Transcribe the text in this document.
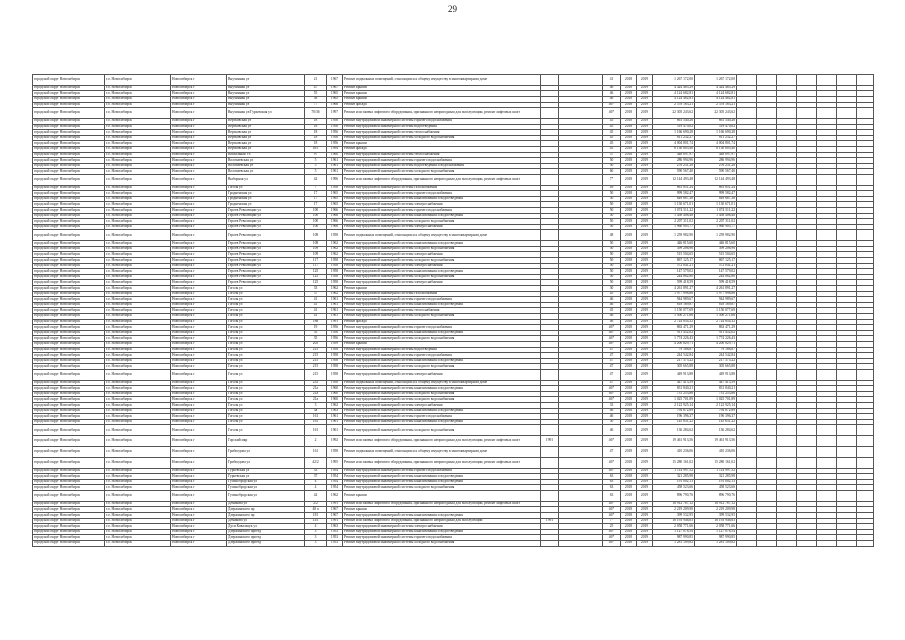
29
городской округ Новосибирск	г.о. Новосибирск	Новосибирск г	Внучинная ул	21	1967	Ремонт подвальных помещений, относящихся к общему имуществу в многоквартирном доме			41	2018	2019	1 267 172,00	1 267 172,00							
городской округ Новосибирск	г.о. Новосибирск	Новосибирск г	Внучинная ул	47	1967	Ремонт крыши			46	2018	2019	4 424 465,29	4 424 465,29							
городской округ Новосибирск	г.о. Новосибирск	Новосибирск г	Внучинная ул	55	1965	Ремонт крыши			46	2018	2019	4 124 682,81	4 124 682,81							
городской округ Новосибирск	г.о. Новосибирск	Новосибирск г	Внучинная ул	58	1965	Ремонт крыши			46	2018	2019	4 124 482,81	4 124 482,81							
городской округ Новосибирск	г.о. Новосибирск	Новосибирск г	Внучинная ул	77	1966	Ремонт фасада			46*	2018	2019	2 378 183,21	2 378 183,21							
городской округ Новосибирск	г.о. Новосибирск	Новосибирск г	Внучинная ул/Гурьевская ул	70/36	1997	Ремонт или замена лифтового оборудования, признанного непригодным для эксплуатации, ремонт лифтовых шахт			46*	2018	2019	22 305 243,62	22 305 243,62							
городской округ Новосибирск	г.о. Новосибирск	Новосибирск г	Вертковская ул	18	1956	Ремонт внутридомовой инженерной системы горячего водоснабжения			45	2018	2019	661 540,26	661 540,26							
городской округ Новосибирск	г.о. Новосибирск	Новосибирск г	Вертковская ул	18	1956	Ремонт внутридомовой инженерной системы водоотведения			45	2018	2019	519 470,02	519 470,02							
городской округ Новосибирск	г.о. Новосибирск	Новосибирск г	Вертковская ул	18	1956	Ремонт внутридомовой инженерной системы теплоснабжения			45	2018	2019	1 166 690,28	1 166 690,28							
городской округ Новосибирск	г.о. Новосибирск	Новосибирск г	Вертковская ул	18	1956	Ремонт внутридомовой инженерной системы холодного водоснабжения			45	2018	2019	811 232,27	811 232,27							
городской округ Новосибирск	г.о. Новосибирск	Новосибирск г	Вертковская ул	18	1956	Ремонт крыши			45	2018	2019	4 004 801,74	4 004 801,74							
городской округ Новосибирск	г.о. Новосибирск	Новосибирск г	Вертковская ул	18/1	1994	Ремонт фасада			45	2018	2019	8 130 605,40	8 130 605,40							
городской округ Новосибирск	г.о. Новосибирск	Новосибирск г	Вокзальная Ул	97	1960	Ремонт внутридомовой инженерной системы теплоснабжения			57	2018	2019	448 097,97	448 097,97							
городской округ Новосибирск	г.о. Новосибирск	Новосибирск г	Волочаевская ул	5	1961	Ремонт внутридомовой инженерной системы горячего водоснабжения			50	2018	2019	286 994,96	286 994,96							
городской округ Новосибирск	г.о. Новосибирск	Новосибирск г	Волочаевская ул	5	1961	Ремонт внутридомовой инженерной системы водоотведения и водоснабжения			50	2018	2019	276 231,28	276 231,28							
городской округ Новосибирск	г.о. Новосибирск	Новосибирск г	Волочаевская ул	5	1961	Ремонт внутридомовой инженерной системы холодного водоснабжения			60	2018	2019	590 567,40	590 567,40							
городской округ Новосибирск	г.о. Новосибирск	Новосибирск г	Выборная ул	42	1996	Ремонт или замена лифтового оборудования, признанного непригодным для эксплуатации, ремонт лифтовых шахт			7*	2018	2019	12 144 493,48	12 144 493,48							
городской округ Новосибирск	г.о. Новосибирск	Новосибирск г	Гоголя ул	7	1956	Ремонт внутридомовой инженерной системы газоснабжения			49	2018	2019	861 851,24	861 851,24							
городской округ Новосибирск	г.о. Новосибирск	Новосибирск г	Гродненская ул	17	1965	Ремонт внутридомовой инженерной системы горячего водоснабжения			50	2018	2019	999 582,47	999 582,47							
городской округ Новосибирск	г.о. Новосибирск	Новосибирск г	Гродненская ул	17	1965	Ремонт внутридомовой инженерной системы канализования и водоотведения			50	2018	2019	849 687,38	849 687,38							
городской округ Новосибирск	г.о. Новосибирск	Новосибирск г	Гродненская ул	17	1965	Ремонт внутридомовой инженерной системы электроснабжения			50	2018	2019	1 130 671,01	1 130 671,01							
городской округ Новосибирск	г.о. Новосибирск	Новосибирск г	Героев Революции ул	100	1966	Ремонт внутридомовой инженерной системы горячего водоснабжения			50	2018	2019	1 074 511,22	1 074 511,22							
городской округ Новосибирск	г.о. Новосибирск	Новосибирск г	Героев Революции ул	100	1966	Ремонт внутридомовой инженерной системы канализования и водоотведения			50	2018	2019	1 458 406,48	1 458 406,48							
городской округ Новосибирск	г.о. Новосибирск	Новосибирск г	Героев Революции ул	100	1966	Ремонт внутридомовой инженерной системы холодного водоснабжения			50	2018	2019	2 207 311,02	2 207 311,02							
городской округ Новосибирск	г.о. Новосибирск	Новосибирск г	Героев Революции ул	100	1966	Ремонт внутридомовой инженерной системы электроснабжения			50	2018	2019	1 960 905,77	1 960 905,77							
городской округ Новосибирск	г.о. Новосибирск	Новосибирск г	Героев Революции ул	108	1958	Ремонт подвальных помещений, относящихся к общему имуществу в многоквартирном доме			48	2018	2019	1 259 982,90	1 259 982,90							
городской округ Новосибирск	г.о. Новосибирск	Новосибирск г	Героев Революции ул	108	1962	Ремонт внутридомовой инженерной системы канализования и водоотведения			50	2018	2019	446 815,60	446 815,60							
городской округ Новосибирск	г.о. Новосибирск	Новосибирск г	Героев Революции ул	109	1962	Ремонт внутридомовой инженерной системы холодного водоснабжения			50	2018	2019	399 206,96	399 206,96							
городской округ Новосибирск	г.о. Новосибирск	Новосибирск г	Героев Революции ул	109	1962	Ремонт внутридомовой инженерной системы электроснабжения			50	2018	2019	515 504,65	515 504,65							
городской округ Новосибирск	г.о. Новосибирск	Новосибирск г	Героев Революции ул	117	1958	Ремонт внутридомовой инженерной системы холодного водоснабжения			50	2018	2019	867 125,17	867 125,17							
городской округ Новосибирск	г.о. Новосибирск	Новосибирск г	Героев Революции ул	117	1958	Ремонт внутридомовой инженерной системы электроснабжения			50	2018	2019	572 041,21	572 041,21							
городской округ Новосибирск	г.о. Новосибирск	Новосибирск г	Героев Революции ул	125	1958	Ремонт внутридомовой инженерной системы канализования и водоотведения			50	2018	2019	147 579,02	147 579,02							
городской округ Новосибирск	г.о. Новосибирск	Новосибирск г	Героев Революции ул	125	1958	Ремонт внутридомовой инженерной системы холодного водоснабжения			50	2018	2019	244 882,80	244 882,80							
городской округ Новосибирск	г.о. Новосибирск	Новосибирск г	Героев Революции ул	125	1958	Ремонт внутридомовой инженерной системы электроснабжения			50	2018	2019	599 418,59	599 418,59							
городской округ Новосибирск	г.о. Новосибирск	Новосибирск г	Гоголя ул	33	1962	Ремонт крыши			30	2018	2019	4 261 891,27	4 261 891,27							
городской округ Новосибирск	г.о. Новосибирск	Новосибирск г	Гоголя ул	37	1962	Ремонт внутридомовой инженерной системы газоснабжения			45	2018	2019	1 977 998,86	1 977 998,86							
городской округ Новосибирск	г.о. Новосибирск	Новосибирск г	Гоголя ул	41	1961	Ремонт внутридомовой инженерной системы горячего водоснабжения			46	2018	2019	944 989,67	944 989,67							
городской округ Новосибирск	г.о. Новосибирск	Новосибирск г	Гоголя ул	41	1961	Ремонт внутридомовой инженерной системы канализования и водоотведения			46	2018	2019	818 169,87	818 169,87							
городской округ Новосибирск	г.о. Новосибирск	Новосибирск г	Гоголя ул	41	1961	Ремонт внутридомовой инженерной системы теплоснабжения			45	2018	2019	1 150 077,69	1 150 077,69							
городской округ Новосибирск	г.о. Новосибирск	Новосибирск г	Гоголя ул	41	1961	Ремонт внутридомовой инженерной системы холодного водоснабжения			46	2018	2019	1 500 271,66	1 500 271,66							
городской округ Новосибирск	г.о. Новосибирск	Новосибирск г	Гоголя ул	188	1991	Ремонт фасада			46	2018	2019	2 724 854,32	2 724 854,32							
городской округ Новосибирск	г.о. Новосибирск	Новосибирск г	Гоголя ул	19	1956	Ремонт внутридомовой инженерной системы горячего водоснабжения			46*	2018	2019	863 471,29	863 471,29							
городской округ Новосибирск	г.о. Новосибирск	Новосибирск г	Гоголя ул	35	1956	Ремонт внутридомовой инженерной системы канализования и водоотведения			46*	2018	2019	911 452,02	911 452,02							
городской округ Новосибирск	г.о. Новосибирск	Новосибирск г	Гоголя ул	35	1956	Ремонт внутридомовой инженерной системы холодного водоснабжения			46*	2018	2019	1 774 226,43	1 774 226,43							
городской округ Новосибирск	г.о. Новосибирск	Новосибирск г	Гоголя ул	205	1959	Ремонт крыши			46*	2018	2019	4 200 829,71	4 200 829,71							
городской округ Новосибирск	г.о. Новосибирск	Новосибирск г	Гоголя ул	215	1958	Ремонт внутридомовой инженерной системы водоотведения			47	2018	2019	79 186,87	79 186,87							
городской округ Новосибирск	г.о. Новосибирск	Новосибирск г	Гоголя ул	215	1958	Ремонт внутридомовой инженерной системы горячего водоснабжения			47	2018	2019	244 542,84	244 542,84							
городской округ Новосибирск	г.о. Новосибирск	Новосибирск г	Гоголя ул	215	1958	Ремонт внутридомовой инженерной системы канализования и водоотведения			47	2018	2019	217 375,22	217 375,22							
городской округ Новосибирск	г.о. Новосибирск	Новосибирск г	Гоголя ул	215	1958	Ремонт внутридомовой инженерной системы холодного водоснабжения			47	2018	2019	305 665,88	305 665,88							
городской округ Новосибирск	г.о. Новосибирск	Новосибирск г	Гоголя ул	215	1958	Ремонт внутридомовой инженерной системы электроснабжения			47	2018	2019	449 913,88	449 913,88							
городской округ Новосибирск	г.о. Новосибирск	Новосибирск г	Гоголя ул	235	1958	Ремонт подвальных помещений, относящихся к общему имуществу в многоквартирном доме			47	2018	2019	447 413,59	447 413,59							
городской округ Новосибирск	г.о. Новосибирск	Новосибирск г	Гоголя ул	21а	1960	Ремонт внутридомовой инженерной системы канализования и водоотведения			46*	2018	2019	831 840,21	831 840,21							
городской округ Новосибирск	г.о. Новосибирск	Новосибирск г	Гоголя ул	21а	1960	Ремонт внутридомовой инженерной системы холодного водоснабжения			46*	2018	2019	731 253,86	731 253,86							
городской округ Новосибирск	г.о. Новосибирск	Новосибирск г	Гоголя ул	21а	1960	Ремонт внутридомовой инженерной системы холодного водоснабжения			46*	2018	2019	1 025 701,89	1 025 701,89							
городской округ Новосибирск	г.о. Новосибирск	Новосибирск г	Гоголя ул	3	1962	Ремонт внутридомовой инженерной системы электроснабжения			33	2018	2019	2 122 925,14	2 122 925,14							
городской округ Новосибирск	г.о. Новосибирск	Новосибирск г	Гоголя ул	3а	1963	Ремонт внутридомовой инженерной системы канализования и водоотведения			46	2018	2019	794 672,89	794 672,89							
городской округ Новосибирск	г.о. Новосибирск	Новосибирск г	Гоголя ул	161	1961	Ремонт внутридомовой инженерной системы горячего водоснабжения			46	2018	2019	196 396,37	196 396,37							
городской округ Новосибирск	г.о. Новосибирск	Новосибирск г	Гоголя ул	161	1961	Ремонт внутридомовой инженерной системы канализования и водоотведения			50	2018	2019	145 631,22	145 631,22							
городской округ Новосибирск	г.о. Новосибирск	Новосибирск г	Гоголя ул	161	1961	Ремонт внутридомовой инженерной системы холодного водоснабжения			46	2018	2019	136 284,62	136 284,62							
городской округ Новосибирск	г.о. Новосибирск	Новосибирск г	Горский мкр	2	1992	Ремонт или замена лифтового оборудования, признанного непригодным для эксплуатации, ремонт лифтовых шахт	1991		46*	2018	2019	19 461 913,56	19 461 913,56							
городской округ Новосибирск	г.о. Новосибирск	Новосибирск г	Грибоедова ул	161	1958	Ремонт подвальных помещений, относящихся к общему имуществу в многоквартирном доме			47	2018	2019	410 236,06	410 236,06							
городской округ Новосибирск	г.о. Новосибирск	Новосибирск г	Грибоедова ул	42/2	1995	Ремонт или замена лифтового оборудования, признанного непригодным для эксплуатации, ремонт лифтовых шахт			46*	2018	2019	15 280 161,02	15 280 161,02							
городской округ Новосибирск	г.о. Новосибирск	Новосибирск г	Гурьевская ул	33	1954	Ремонт внутридомовой инженерной системы горячего водоснабжения			46*	2018	2019	1 114 997,52	1 114 997,52							
городской округ Новосибирск	г.о. Новосибирск	Новосибирск г	Гурьевская ул	37	1954	Ремонт внутридомовой инженерной системы канализования и водоотведения			63	2018	2019	321 285,98	321 285,98							
городской округ Новосибирск	г.о. Новосибирск	Новосибирск г	Гусинобродская ул	4	1954	Ремонт внутридомовой инженерной системы канализования и водоотведения			63	2018	2019	191 002,13	191 002,13							
городской округ Новосибирск	г.о. Новосибирск	Новосибирск г	Гусинобродская ул	4	1954	Ремонт внутридомовой инженерной системы холодного водоснабжения			63	2018	2019	458 523,66	458 523,66							
городской округ Новосибирск	г.о. Новосибирск	Новосибирск г	Гусинобродская ул	42	1962	Ремонт крыши			63	2018	2019	896 790,76	896 790,76							
городской округ Новосибирск	г.о. Новосибирск	Новосибирск г	Демакова ул	2/2	1991	Ремонт или замена лифтового оборудования, признанного непригодным для эксплуатации, ремонт лифтовых шахт			46*	2018	2019	18 912 787,12	18 912 787,12							
городской округ Новосибирск	г.о. Новосибирск	Новосибирск г	Дзержинского пр	48 а	1967	Ремонт крыши			46*	2018	2019	2 219 209,98	2 219 209,98							
городской округ Новосибирск	г.о. Новосибирск	Новосибирск г	Дзержинского пр	181	1967	Ремонт внутридомовой инженерной системы канализования и водоотведения			46*	2018	2019	399 532,95	399 532,95							
городской округ Новосибирск	г.о. Новосибирск	Новосибирск г	Демакова ул	13/1	1991	Ремонт или замена лифтового оборудования, признанного непригодным для эксплуатации	1991		7*	2018	2019	16 193 946,63	16 193 946,63							
городской округ Новосибирск	г.о. Новосибирск	Новосибирск г	Дуси Ковальчук ул	4	1963	Ремонт внутридомовой инженерной системы электроснабжения			25	2018	2019	2 058 771,66	2 058 771,66							
городской округ Новосибирск	г.о. Новосибирск	Новосибирск г	Дзержинского проезд	3	1953	Ремонт внутридомовой инженерной системы канализования и водоотведения			46*	2018	2019	1 127 078,54	1 127 078,54							
городской округ Новосибирск	г.о. Новосибирск	Новосибирск г	Дзержинского проезд	3	1953	Ремонт внутридомовой инженерной системы горячего водоснабжения			46*	2018	2019	987 990,85	987 990,85							
городской округ Новосибирск	г.о. Новосибирск	Новосибирск г	Дзержинского проезд	3	1953	Ремонт внутридомовой инженерной системы холодного водоснабжения			46*	2018	2019	1 281 109,82	1 281 109,82							
